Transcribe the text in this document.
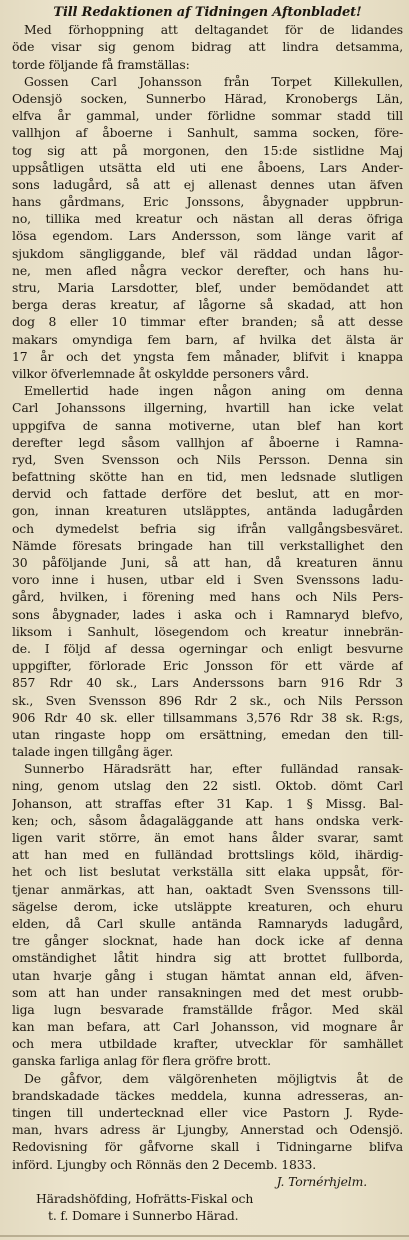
Till Redaktionen af Tidningen Aftonbladet!
Med förhoppning att deltagandet för de lidandes
öde visar sig genom bidrag att lindra detsamma,
torde följande få framställas:
Gossen Carl Johansson från Torpet Killekullen,
Odensjö socken, Sunnerbo Härad, Kronobergs Län,
elfva år gammal, under förlidne sommar stadd till
vallhjon af åboerne i Sanhult, samma socken, före-
tog sig att på morgonen, den 15:de sistlidne Maj
uppsåtligen utsätta eld uti ene åboens, Lars Ander-
sons ladugård, så att ej allenast dennes utan äfven
hans gårdmans, Eric Jonssons, åbygnader uppbrun-
no, tillika med kreatur och nästan all deras öfriga
lösa egendom. Lars Andersson, som länge varit af
sjukdom sängliggande, blef väl räddad undan lågor-
ne, men afled några veckor derefter, och hans hu-
stru, Maria Larsdotter, blef, under bemödandet att
berga deras kreatur, af lågorne så skadad, att hon
dog 8 eller 10 timmar efter branden; så att desse
makars omyndiga fem barn, af hvilka det älsta är
17 år och det yngsta fem månader, blifvit i knappa
vilkor öfverlemnade åt oskyldde personers vård.
Emellertid hade ingen någon aning om denna
Carl Johanssons illgerning, hvartill han icke velat
uppgifva de sanna motiverne, utan blef han kort
derefter legd såsom vallhjon af åboerne i Ramna-
ryd, Sven Svensson och Nils Persson. Denna sin
befattning skötte han en tid, men ledsnade slutligen
dervid och fattade derföre det beslut, att en mor-
gon, innan kreaturen utsläpptes, antända ladugården
och dymedelst befria sig ifrån vallgångsbesväret.
Nämde föresats bringade han till verkstallighet den
30 påföljande Juni, så att han, då kreaturen ännu
voro inne i husen, utbar eld i Sven Svenssons ladu-
gård, hvilken, i förening med hans och Nils Pers-
sons åbygnader, lades i aska och i Ramnaryd blefvo,
liksom i Sanhult, lösegendom och kreatur innebrän-
de. I följd af dessa ogerningar och enligt besvurne
uppgifter, förlorade Eric Jonsson för ett värde af
857 Rdr 40 sk., Lars Anderssons barn 916 Rdr 3
sk., Sven Svensson 896 Rdr 2 sk., och Nils Persson
906 Rdr 40 sk. eller tillsammans 3,576 Rdr 38 sk. R:gs,
utan ringaste hopp om ersättning, emedan den till-
talade ingen tillgång äger.
Sunnerbo Häradsrätt har, efter fulländad ransak-
ning, genom utslag den 22 sistl. Oktob. dömt Carl
Johanson, att straffas efter 31 Kap. 1 § Missg. Bal-
ken; och, såsom ådagaläggande att hans ondska verk-
ligen varit större, än emot hans ålder svarar, samt
att han med en fulländad brottslings köld, ihärdig-
het och list beslutat verkställa sitt elaka uppsåt, för-
tjenar anmärkas, att han, oaktadt Sven Svenssons till-
sägelse derom, icke utsläppte kreaturen, och ehuru
elden, då Carl skulle antända Ramnaryds ladugård,
tre gånger slocknat, hade han dock icke af denna
omständighet låtit hindra sig att brottet fullborda,
utan hvarje gång i stugan hämtat annan eld, äfven-
som att han under ransakningen med det mest orubb-
liga lugn besvarade framställde frågor. Med skäl
kan man befara, att Carl Johansson, vid mognare år
och mera utbildade krafter, utvecklar för samhället
ganska farliga anlag för flera gröfre brott.
De gåfvor, dem välgörenheten möjligtvis åt de
brandskadade täckes meddela, kunna adresseras, an-
tingen till undertecknad eller vice Pastorn J. Ryde-
man, hvars adress är Ljungby, Annerstad och Odensjö.
Redovisning för gåfvorne skall i Tidningarne blifva
införd. Ljungby och Rönnäs den 2 Decemb. 1833.
J. Tornérhjelm.
Häradshöfding, Hofrätts-Fiskal och
t. f. Domare i Sunnerbo Härad.
